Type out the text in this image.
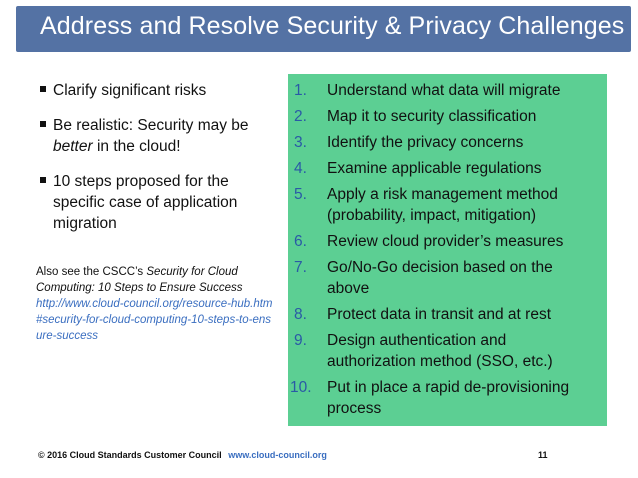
Address and Resolve Security & Privacy Challenges
Clarify significant risks
Be realistic: Security may be better in the cloud!
10 steps proposed for the specific case of application migration
Also see the CSCC’s Security for Cloud Computing: 10 Steps to Ensure Success
http://www.cloud-council.org/resource-hub.htm#security-for-cloud-computing-10-steps-to-ensure-success
1. Understand what data will migrate
2. Map it to security classification
3. Identify the privacy concerns
4. Examine applicable regulations
5. Apply a risk management method (probability, impact, mitigation)
6. Review cloud provider’s measures
7. Go/No-Go decision based on the above
8. Protect data in transit and at rest
9. Design authentication and authorization method (SSO, etc.)
10. Put in place a rapid de-provisioning process
© 2016 Cloud Standards Customer Council www.cloud-council.org	11
